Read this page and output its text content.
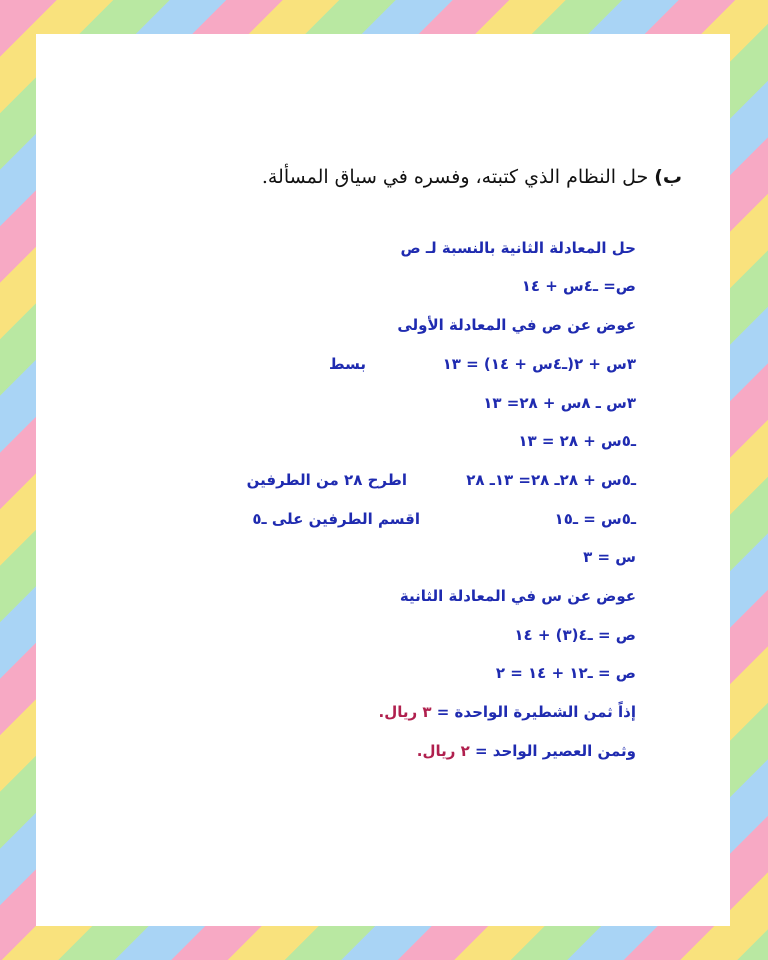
ب)حل النظام الذي كتبته، وفسره في سياق المسألة.
حل المعادلة الثانية بالنسبة لـ ص
ص= ـ٤س + ١٤
عوض عن ص في المعادلة الأولى
٣س + ٢(ـ٤س + ١٤) = ١٣
بسط
٣س ـ ٨س + ٢٨= ١٣
ـ٥س + ٢٨ = ١٣
ـ٥س + ٢٨ـ ٢٨= ١٣ـ ٢٨
اطرح ٢٨ من الطرفين
ـ٥س = ـ١٥
اقسم الطرفين على ـ٥
س = ٣
عوض عن س في المعادلة الثانية
ص = ـ٤(٣) + ١٤
ص = ـ١٢ + ١٤ = ٢
إذاً ثمن الشطيرة الواحدة = ٣ ريال.
وثمن العصير الواحد = ٢ ريال.
